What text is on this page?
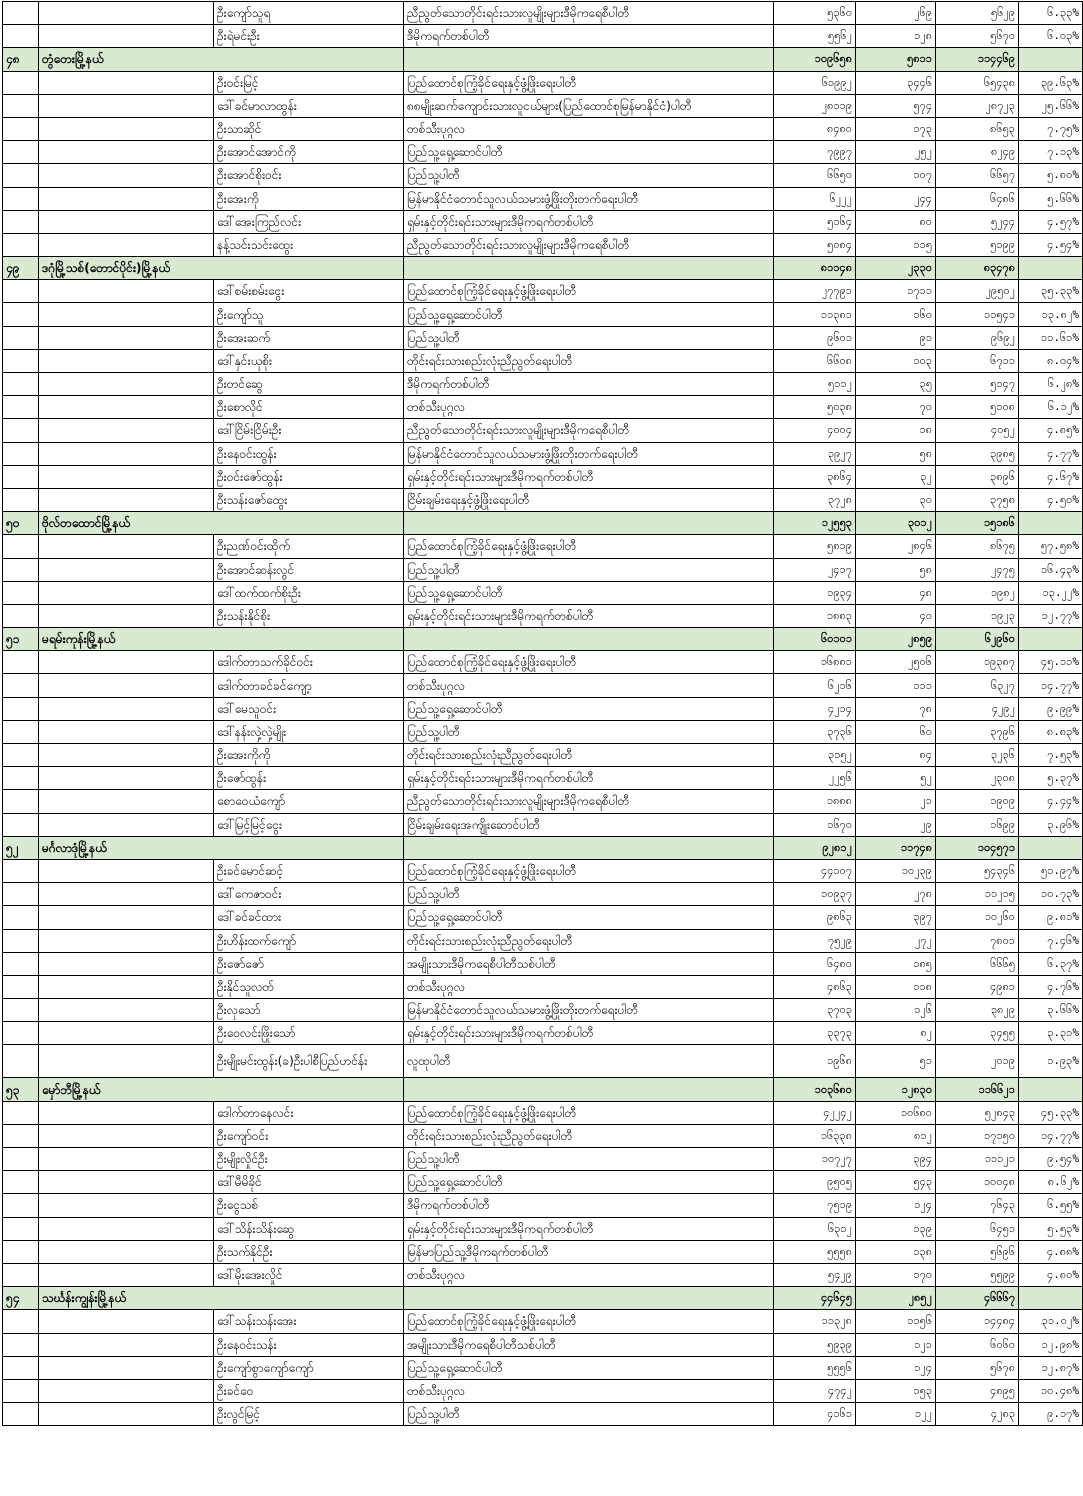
		ဦးကျော်သူရ	ညီညွတ်သောတိုင်းရင်းသားလူမျိုးများဒီမိုကရေစီပါတီ	၅၃၆၀	၂၆၉	၅၆၂၉	၆.၃၃%
		ဦးရဲမင်းဦး	ဒီမိုကရက်တစ်ပါတီ	၅၅၆၂	၁၂၈	၅၆၇၀	၆.၀၃%
၄၈	တွံတေးမြို့နယ်			၁၀၉၆၅၈	၅၈၁၁	၁၁၄၄၆၉	
		ဦးဝင်းမြင့်	ပြည်ထောင်စုကြံ့ခိုင်ရေးနှင့်ဖွံ့ဖြိုးရေးပါတီ	၆၁၉၉၂	၃၄၄၆	၆၅၄၃၈	၃၉.၆၃%
		ဒေါ်ခင်မာလာထွန်း	၈၈မျိုးဆက်ကျောင်းသားလူငယ်များ(ပြည်ထောင်စုမြန်မာနိုင်ငံ)ပါတီ	၂၈၁၁၉	၅၇၄	၂၈၇၂၃	၂၅.၆၆%
		ဦးသာဆိုင်	တစ်သီးပုဂ္ဂလ	၈၄၈၀	၁၇၃	၈၆၅၃	၇.၇၅%
		ဦးအောင်အောင်ကို	ပြည်သူ့ရှေ့ဆောင်ပါတီ	၇၉၉၇	၂၅၂	၈၂၄၉	၇.၁၃%
		ဦးအောင်စိုးဝင်း	ပြည်သူ့ပါတီ	၆၆၅၀	၁၀၇	၆၆၅၇	၅.၈၀%
		ဦးအေးကို	မြန်မာနိုင်ငံတောင်သူလယ်သမားဖွံ့ဖြိုးတိုးတက်ရေးပါတီ	၆၂၂၂	၂၄၄	၆၄၈၆	၅.၆၆%
		ဒေါ်အေးကြည်လင်း	ရှမ်းနှင့်တိုင်းရင်းသားများဒီမိုကရက်တစ်ပါတီ	၅၁၆၄	၈၀	၅၂၄၄	၄.၅၇%
		နန့်သင်းသင်းထွေး	ညီညွတ်သောတိုင်းရင်းသားလူမျိုးများဒီမိုကရေစီပါတီ	၅၀၈၄	၁၁၅	၅၁၉၉	၄.၅၄%
၄၉	ဒဂုံမြို့သစ်(တောင်ပိုင်း)မြို့နယ်			၈၁၁၄၈	၂၃၃၀	၈၃၄၇၈	
		ဒေါ်စမ်းစမ်းငွေး	ပြည်ထောင်စုကြံ့ခိုင်ရေးနှင့်ဖွံ့ဖြိုးရေးပါတီ	၂၇၇၉၁	၁၇၁၁	၂၉၅၀၂	၃၅.၃၃%
		ဦးကျော်သူ	ပြည်သူ့ရှေ့ဆောင်ပါတီ	၁၁၃၈၁	၁၆၀	၁၁၅၄၁	၁၃.၈၂%
		ဦးအေးဆက်	ပြည်သူ့ပါတီ	၉၆၀၁	၉၁	၉၆၉၂	၁၁.၆၁%
		ဒေါ်နှင်းယုစိုး	တိုင်းရင်းသားစည်းလုံးညီညွတ်ရေးပါတီ	၆၆၀၈	၁၀၃	၆၇၁၁	၈.၀၄%
		ဦးတင်ဆွေ	ဒီမိုကရက်တစ်ပါတီ	၅၁၁၂	၃၅	၅၁၄၇	၆.၂၈%
		ဦးစောလိုင်	တစ်သီးပုဂ္ဂလ	၅၀၃၈	၇၀	၅၁၀၈	၆.၁၂%
		ဒေါ်ငြိမ်းငြိမ်းဦး	ညီညွတ်သောတိုင်းရင်းသားလူမျိုးများဒီမိုကရေစီပါတီ	၄၀၀၄	၁၈	၄၀၅၂	၄.၈၅%
		ဦးနေဝင်းထွန်း	မြန်မာနိုင်ငံတောင်သူလယ်သမားဖွံ့ဖြိုးတိုးတက်ရေးပါတီ	၃၉၂၇	၅၈	၃၉၈၅	၄.၇၇%
		ဦးဝင်းဇော်ထွန်း	ရှမ်းနှင့်တိုင်းရင်းသားများဒီမိုကရက်တစ်ပါတီ	၃၈၆၄	၃၂	၃၈၉၆	၄.၆၇%
		ဦးသန်းဇော်ထွေး	ငြိမ်းချမ်းရေးနှင့်ဖွံ့ဖြိုးရေးပါတီ	၃၇၂၈	၃၀	၃၇၅၈	၄.၅၀%
၅၀	ဗိုလ်တထောင်မြို့နယ်			၁၂၅၅၃	၃၀၁၂	၁၅၁၈၆	
		ဦးညဏ်ဝင်းထိုက်	ပြည်ထောင်စုကြံ့ခိုင်ရေးနှင့်ဖွံ့ဖြိုးရေးပါတီ	၅၈၁၉	၂၈၄၆	၈၆၇၅	၅၇.၅၈%
		ဦးအောင်ဆန်းလွင်	ပြည်သူ့ပါတီ	၂၄၁၇	၅၈	၂၄၇၅	၁၆.၄၃%
		ဒေါ်ထက်ထက်စိုးဦး	ပြည်သူ့ရှေ့ဆောင်ပါတီ	၁၉၃၄	၄၈	၁၉၈၂	၁၃.၂၂%
		ဦးသန်းနိုင်စိုး	ရှမ်းနှင့်တိုင်းရင်းသားများဒီမိုကရက်တစ်ပါတီ	၁၈၈၃	၄၀	၁၉၂၃	၁၂.၇၇%
၅၁	မရမ်းကုန်းမြို့နယ်			၆၀၁၀၁	၂၈၅၉	၆၂၉၆၀	
		ဒေါက်တာသက်ခိုင်ဝင်း	ပြည်ထောင်စုကြံ့ခိုင်ရေးနှင့်ဖွံ့ဖြိုးရေးပါတီ	၁၆၈၈၁	၂၅၀၆	၁၉၃၈၇	၄၅.၁၁%
		ဒေါက်တာခင်ခင်ကျော့	တစ်သီးပုဂ္ဂလ	၆၂၁၆	၁၁၁	၆၃၂၇	၁၄.၇၇%
		ဒေါ်မေသူဝင်း	ပြည်သူ့ရှေ့ဆောင်ပါတီ	၄၂၁၄	၇၈	၄၂၉၂	၉.၉၉%
		ဒေါ်နန်းလှဲ့လှဲ့မျိုး	ပြည်သူ့ပါတီ	၃၇၃၆	၆၀	၃၇၉၆	၈.၈၃%
		ဦးအေးကိုကို	တိုင်းရင်းသားစည်းလုံးညီညွတ်ရေးပါတီ	၃၁၅၂	၈၄	၃၂၃၆	၇.၅၃%
		ဦးဇော်ထွန်း	ရှမ်းနှင့်တိုင်းရင်းသားများဒီမိုကရက်တစ်ပါတီ	၂၂၅၆	၅၂	၂၃၀၈	၅.၃၇%
		စောဝေယံကျော်	ညီညွတ်သောတိုင်းရင်းသားလူမျိုးများဒီမိုကရေစီပါတီ	၁၈၈၈	၂၁	၁၉၀၉	၄.၄၄%
		ဒေါ်မြင့်မြင့်ငွေး	ငြိမ်းချမ်းရေးအကျိုးဆောင်ပါတီ	၁၆၇၀	၂၉	၁၆၉၉	၃.၉၆%
၅၂	မင်္ဂလာဒုံမြို့နယ်			၉၂၈၁၂	၁၁၇၄၈	၁၀၄၅၇၁	
		ဦးခင်မောင်ဆင့်	ပြည်ထောင်စုကြံ့ခိုင်ရေးနှင့်ဖွံ့ဖြိုးရေးပါတီ	၄၄၁၀၇	၁၀၂၃၉	၅၄၃၄၆	၅၁.၉၇%
		ဒေါ်ကေဇာဝင်း	ပြည်သူ့ပါတီ	၁၀၉၃၇	၂၇၈	၁၁၂၁၅	၁၀.၇၃%
		ဒေါ်ခင်ခင်ထား	ပြည်သူ့ရှေ့ဆောင်ပါတီ	၉၈၆၃	၃၉၇	၁၀၂၆၀	၉.၈၁%
		ဦးဟိန်းထက်ကျော်	တိုင်းရင်းသားစည်းလုံးညီညွတ်ရေးပါတီ	၇၅၂၉	၂၇၂	၇၈၀၁	၇.၄၆%
		ဦးဇော်ဇော်	အမျိုးသားဒီမိုကရေစီပါတီသစ်ပါတီ	၆၄၈၀	၁၈၅	၆၆၆၅	၆.၃၇%
		ဦးနိုင်သူလတ်	တစ်သီးပုဂ္ဂလ	၄၈၆၃	၁၁၈	၄၉၈၁	၄.၇၆%
		ဦးလှသော်	မြန်မာနိုင်ငံတောင်သူလယ်သမားဖွံ့ဖြိုးတိုးတက်ရေးပါတီ	၃၇၀၃	၁၂၆	၃၈၂၉	၃.၆၆%
		ဦးဝေလင်းဖြိုးသော်	ရှမ်းနှင့်တိုင်းရင်းသားများဒီမိုကရက်တစ်ပါတီ	၃၃၇၃	၈၂	၃၄၅၅	၃.၃၁%
		ဦးမျိုးမင်းထွန်း(ခ)ဦးပါစီပြည်ဟင်န်း	လူထုပါတီ	၁၉၆၈	၅၁	၂၀၁၉	၁.၉၃%
၅၃	မှော်ဘီမြို့နယ်			၁၀၃၆၈၀	၁၂၈၃၀	၁၁၆၆၂၁	
		ဒေါက်တာနေလင်း	ပြည်ထောင်စုကြံ့ခိုင်ရေးနှင့်ဖွံ့ဖြိုးရေးပါတီ	၄၂၂၄၂	၁၀၆၈၀	၅၂၈၄၃	၄၅.၃၃%
		ဦးကျော်ဝင်း	တိုင်းရင်းသားစည်းလုံးညီညွတ်ရေးပါတီ	၁၆၃၃၈	၈၁၂	၁၇၁၅၀	၁၄.၇၇%
		ဦးမျိုးလှိုင်ဦး	ပြည်သူ့ပါတီ	၁၀၇၂၇	၃၉၄	၁၁၁၂၁	၉.၅၄%
		ဒေါ်မီမိခိုင်	ပြည်သူ့ရှေ့ဆောင်ပါတီ	၉၅၀၅	၅၄၃	၁၀၀၄၈	၈.၆၂%
		ဦးငွေသစ်	ဒီမိုကရက်တစ်ပါတီ	၇၅၁၉	၁၂၄	၇၆၄၃	၆.၅၅%
		ဒေါ်သိန်းသိန်းဆွေ	ရှမ်းနှင့်တိုင်းရင်းသားများဒီမိုကရက်တစ်ပါတီ	၆၃၁၂	၁၃၉	၆၄၅၁	၅.၅၃%
		ဦးသက်နိုင်ဦး	မြန်မာပြည်သူ့ဒီမိုကရက်တစ်ပါတီ	၅၅၅၈	၁၃၈	၅၆၉၆	၄.၈၈%
		ဒေါ်မိုးအေးလှိုင်	တစ်သီးပုဂ္ဂလ	၅၄၂၉	၁၇၀	၅၅၉၉	၄.၈၀%
၅၄	သင်္ဃန်းကျွန်းမြို့နယ်			၄၄၆၄၅	၂၈၅၂	၄၆၆၆၇	
		ဒေါ်သန်းသန်းအေး	ပြည်ထောင်စုကြံ့ခိုင်ရေးနှင့်ဖွံ့ဖြိုးရေးပါတီ	၁၁၃၂၈	၁၁၅၆	၁၄၄၈၄	၃၁.၀၂%
		ဦးနေဝင်းသန်း	အမျိုးသားဒီမိုကရေစီပါတီသစ်ပါတီ	၅၉၃၉	၁၂၁	၆၀၆၀	၁၂.၉၈%
		ဦးကျော်စွာကျော်ကျော်	ပြည်သူ့ရှေ့ဆောင်ပါတီ	၅၅၅၆	၁၂၄	၅၆၇၈	၁၂.၈၇%
		ဦးခင်ဝေ	တစ်သီးပုဂ္ဂလ	၄၇၄၂	၁၅၃	၄၈၉၅	၁၀.၄၈%
		ဦးလွင်မြင့်	ပြည်သူ့ပါတီ	၄၁၆၁	၁၂၂	၄၂၈၃	၉.၁၇%
